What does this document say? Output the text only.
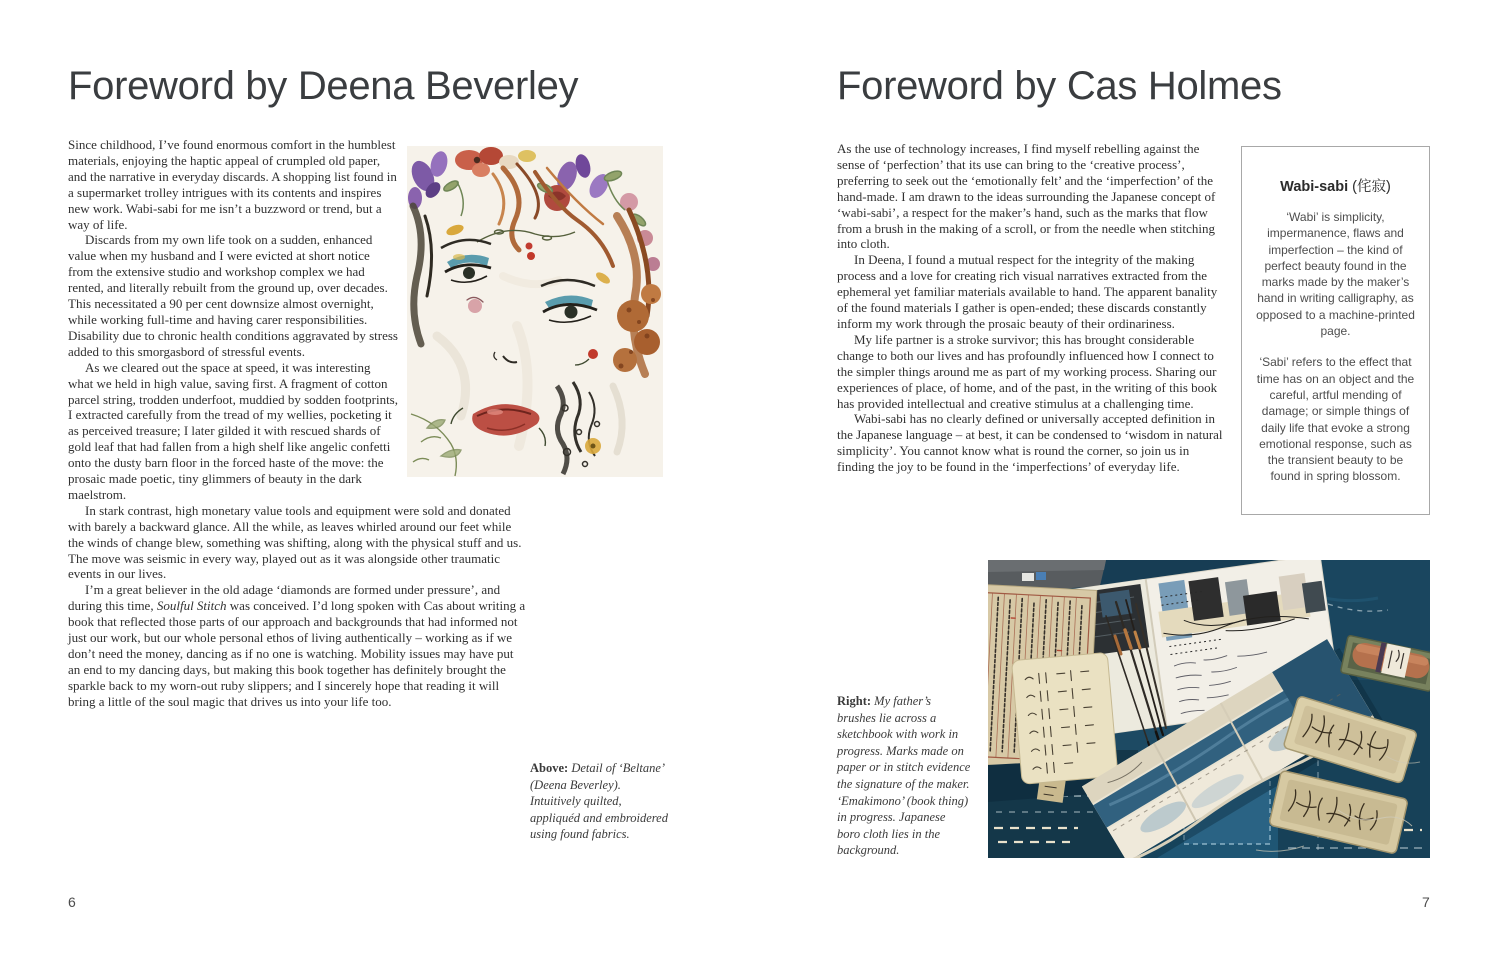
Foreword by Deena Beverley	Foreword by Cas Holmes

Since childhood, I’ve found enormous comfort in the humblest materials, enjoying the haptic appeal of crumpled old paper, and the narrative in everyday discards. A shopping list found in a supermarket trolley intrigues with its contents and inspires new work. Wabi-sabi for me isn’t a buzzword or trend, but a way of life.

Discards from my own life took on a sudden, enhanced value when my husband and I were evicted at short notice from the extensive studio and workshop complex we had rented, and literally rebuilt from the ground up, over decades. This necessitated a 90 per cent downsize almost overnight, while working full-time and having carer responsibilities. Disability due to chronic health conditions aggravated by stress added to this smorgasbord of stressful events.

As we cleared out the space at speed, it was interesting what we held in high value, saving first. A fragment of cotton parcel string, trodden underfoot, muddied by sodden footprints, I extracted carefully from the tread of my wellies, pocketing it as perceived treasure; I later gilded it with rescued shards of gold leaf that had fallen from a high shelf like angelic confetti onto the dusty barn floor in the forced haste of the move: the prosaic made poetic, tiny glimmers of beauty in the dark maelstrom.

In stark contrast, high monetary value tools and equipment were sold and donated with barely a backward glance. All the while, as leaves whirled around our feet while the winds of change blew, something was shifting, along with the physical stuff and us. The move was seismic in every way, played out as it was alongside other traumatic events in our lives.

I’m a great believer in the old adage ‘diamonds are formed under pressure’, and during this time, Soulful Stitch was conceived. I’d long spoken with Cas about writing a book that reflected those parts of our approach and backgrounds that had informed not just our work, but our whole personal ethos of living authentically – working as if we don’t need the money, dancing as if no one is watching. Mobility issues may have put an end to my dancing days, but making this book together has definitely brought the sparkle back to my worn-out ruby slippers; and I sincerely hope that reading it will bring a little of the soul magic that drives us into your life too.

Above: Detail of ‘Beltane’ (Deena Beverley). Intuitively quilted, appliquéd and embroidered using found fabrics.
6

As the use of technology increases, I find myself rebelling against the sense of ‘perfection’ that its use can bring to the ‘creative process’, preferring to seek out the ‘emotionally felt’ and the ‘imperfection’ of the hand-made. I am drawn to the ideas surrounding the Japanese concept of ‘wabi-sabi’, a respect for the maker’s hand, such as the marks that flow from a brush in the making of a scroll, or from the needle when stitching into cloth.

In Deena, I found a mutual respect for the integrity of the making process and a love for creating rich visual narratives extracted from the ephemeral yet familiar materials available to hand. The apparent banality of the found materials I gather is open-ended; these discards constantly inform my work through the prosaic beauty of their ordinariness.

My life partner is a stroke survivor; this has brought considerable change to both our lives and has profoundly influenced how I connect to the simpler things around me as part of my working process. Sharing our experiences of place, of home, and of the past, in the writing of this book has provided intellectual and creative stimulus at a challenging time.

Wabi-sabi has no clearly defined or universally accepted definition in the Japanese language – at best, it can be condensed to ‘wisdom in natural simplicity’. You cannot know what is round the corner, so join us in finding the joy to be found in the ‘imperfections’ of everyday life.

Wabi-sabi (侘寂)

‘Wabi’ is simplicity, impermanence, flaws and imperfection – the kind of perfect beauty found in the marks made by the maker’s hand in writing calligraphy, as opposed to a machine-printed page.

‘Sabi’ refers to the effect that time has on an object and the careful, artful mending of damage; or simple things of daily life that evoke a strong emotional response, such as the transient beauty to be found in spring blossom.

Right: My father’s brushes lie across a sketchbook with work in progress. Marks made on paper or in stitch evidence the signature of the maker. ‘Emakimono’ (book thing) in progress. Japanese boro cloth lies in the background.
7
